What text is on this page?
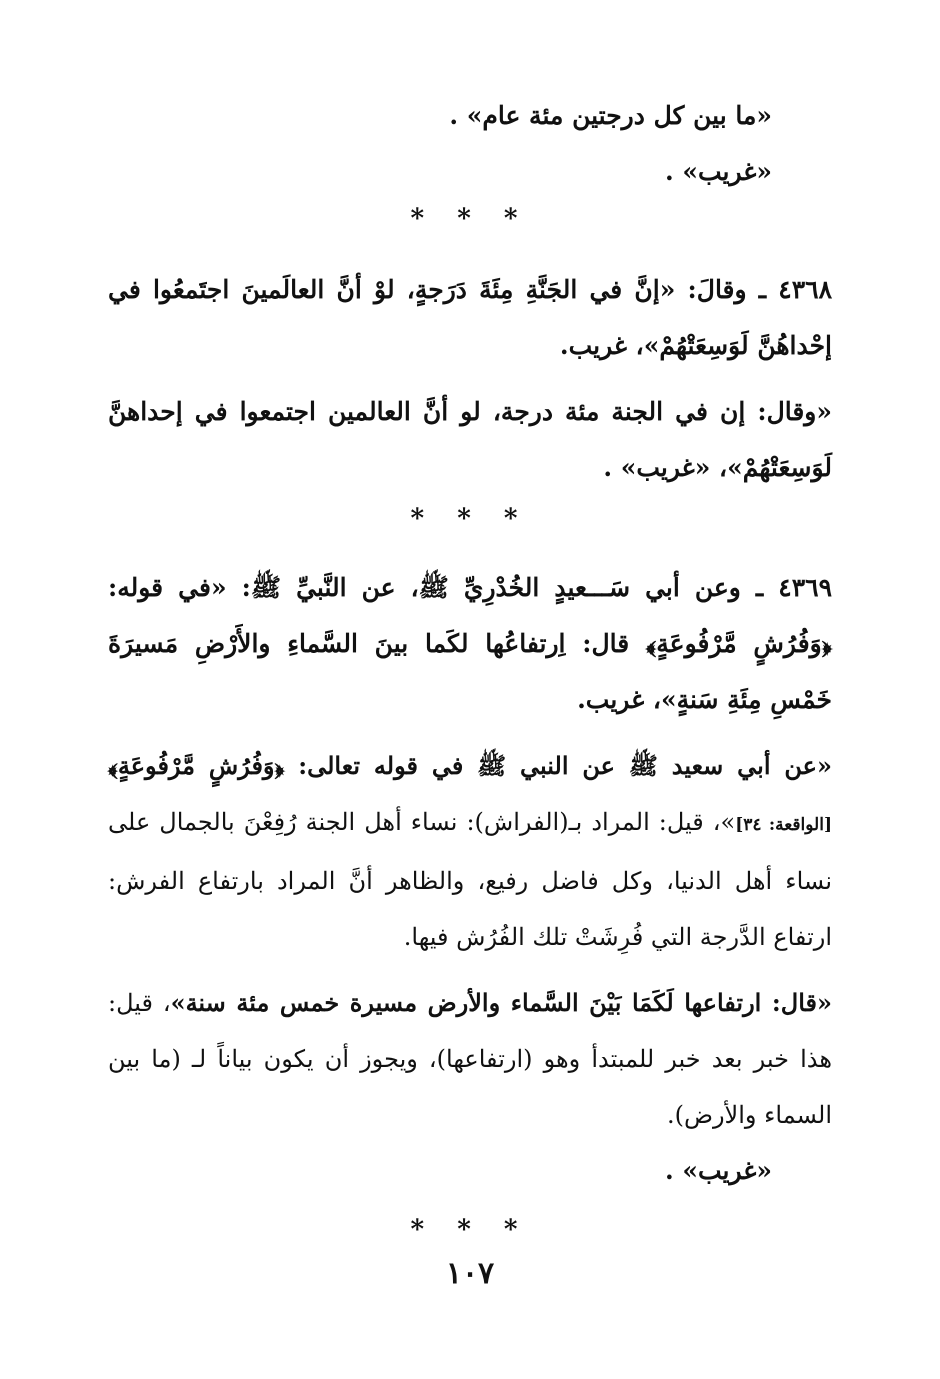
«ما بين كل درجتين مئة عام» .
«غريب» .
* * *

٤٣٦٨ ـ وقالَ: «إنَّ في الجَنَّةِ مِئَةَ دَرَجةٍ، لوْ أنَّ العالَمينَ اجتَمعُوا في إحْداهُنَّ لَوَسِعَتْهُمْ»، غريب.

«وقال: إن في الجنة مئة درجة، لو أنَّ العالمين اجتمعوا في إحداهنَّ لَوَسِعَتْهُمْ»، «غريب» .

* * *

٤٣٦٩ ـ وعن أبي سَـــعيدٍ الخُدْرِيِّ ﷺ، عن النَّبيِّ ﷺ: «في قوله: ﴿وَفُرُشٍ مَّرْفُوعَةٍ﴾ قال: اِرتفاعُها لكَما بينَ السَّماءِ والأَرْضِ مَسيرَةَ خَمْسِ مِئَةِ سَنةٍ»، غريب.

«عن أبي سعيد ﷺ عن النبي ﷺ في قوله تعالى: ﴿وَفُرُشٍ مَّرْفُوعَةٍ﴾[الواقعة: ٣٤]»، قيل: المراد بـ(الفراش): نساء أهل الجنة رُفِعْنَ بالجمال على نساء أهل الدنيا، وكل فاضل رفيع، والظاهر أنَّ المراد بارتفاع الفرش: ارتفاع الدَّرجة التي فُرِشَتْ تلك الفُرُش فيها.

«قال: ارتفاعها لَكَمَا بَيْنَ السَّماء والأرض مسيرة خمس مئة سنة»، قيل: هذا خبر بعد خبر للمبتدأ وهو (ارتفاعها)، ويجوز أن يكون بياناً لـ (ما بين السماء والأرض).

«غريب» .
* * *
١٠٧
